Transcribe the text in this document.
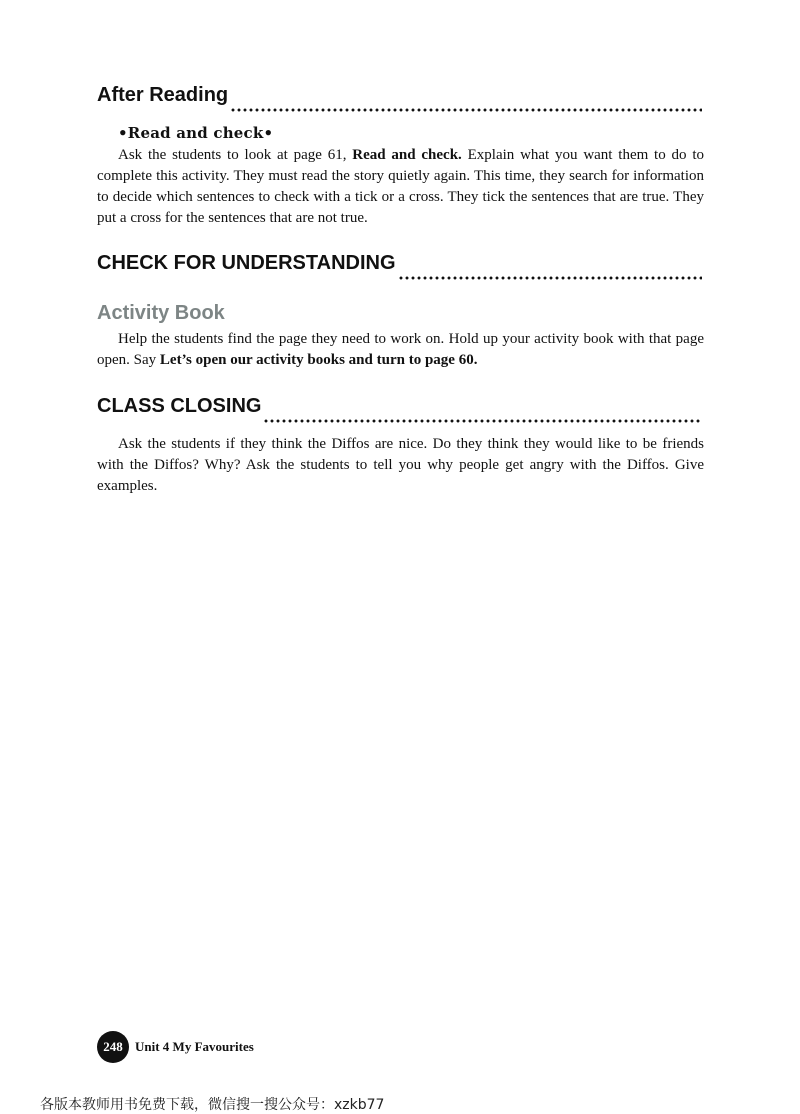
After Reading
•Read and check•

Ask the students to look at page 61, Read and check. Explain what you want them to do to complete this activity. They must read the story quietly again. This time, they search for information to decide which sentences to check with a tick or a cross. They tick the sentences that are true. They put a cross for the sentences that are not true.

CHECK FOR UNDERSTANDING
Activity Book

Help the students find the page they need to work on. Hold up your activity book with that page open. Say Let’s open our activity books and turn to page 60.

CLASS CLOSING

Ask the students if they think the Diffos are nice. Do they think they would like to be friends with the Diffos? Why? Ask the students to tell you why people get angry with the Diffos. Give examples.

248 Unit 4 My Favourites
各版本教师用书免费下载，微信搜一搜公众号：xzkb77
